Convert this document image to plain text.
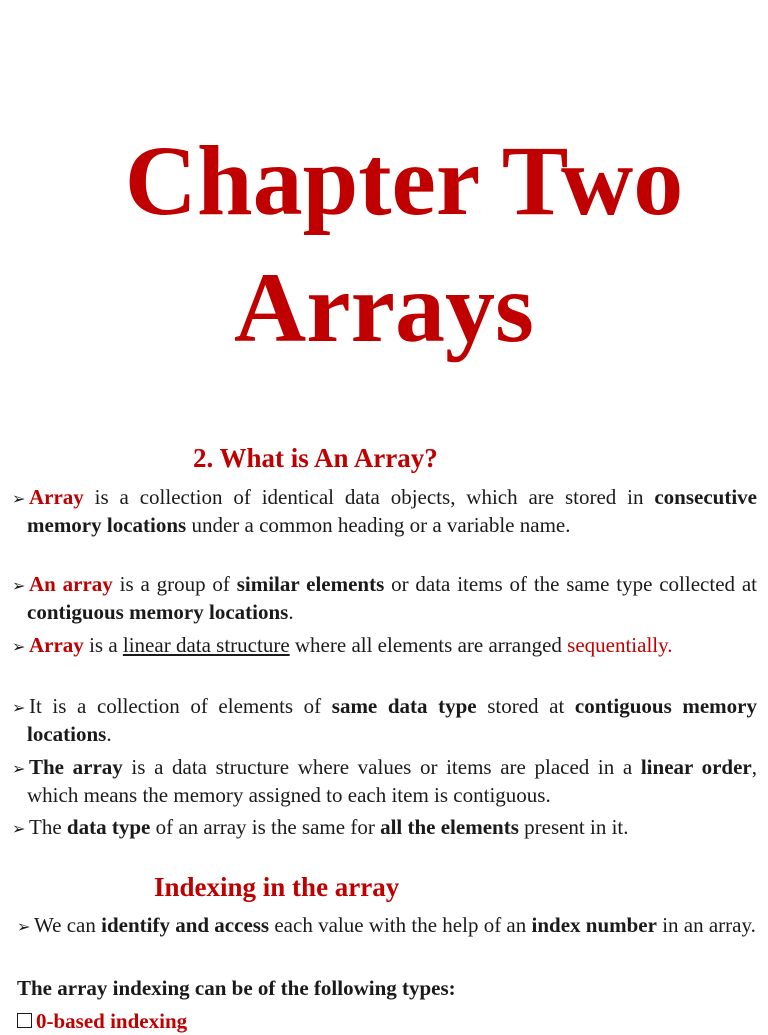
Chapter Two
Arrays
2. What is An Array?
➢ Array is a collection of identical data objects, which are stored in consecutive memory locations under a common heading or a variable name.
➢ An array is a group of similar elements or data items of the same type collected at contiguous memory locations.
➢ Array is a linear data structure where all elements are arranged sequentially.
➢ It is a collection of elements of same data type stored at contiguous memory locations.
➢ The array is a data structure where values or items are placed in a linear order, which means the memory assigned to each item is contiguous.
➢ The data type of an array is the same for all the elements present in it.
Indexing in the array
➢ We can identify and access each value with the help of an index number in an array.
The array indexing can be of the following types:
0-based indexing
